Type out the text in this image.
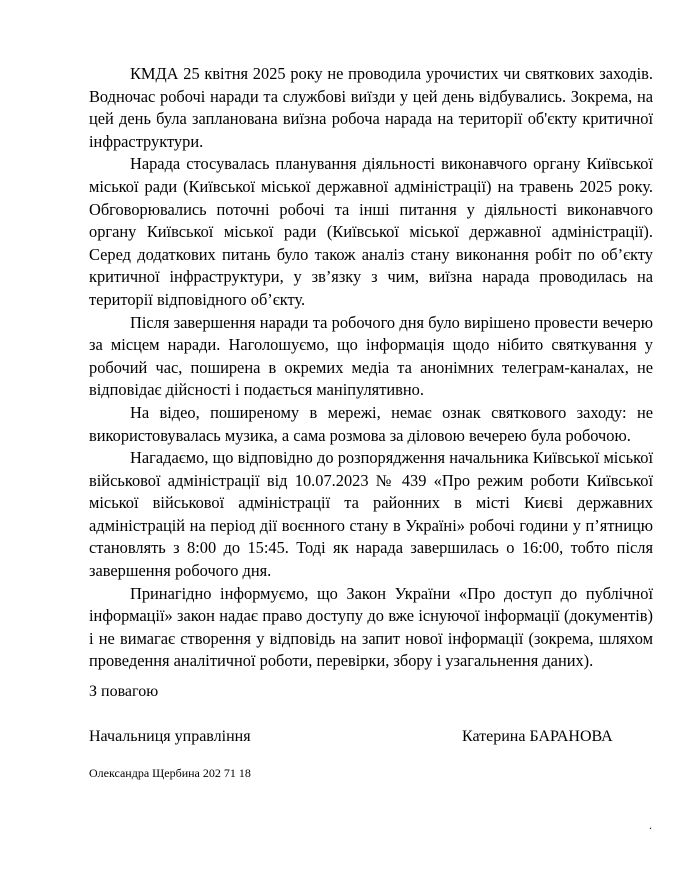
КМДА 25 квітня 2025 року не проводила урочистих чи святкових заходів. Водночас робочі наради та службові виїзди у цей день відбувались. Зокрема, на цей день була запланована виїзна робоча нарада на території об'єкту критичної інфраструктури.

Нарада стосувалась планування діяльності виконавчого органу Київської міської ради (Київської міської державної адміністрації) на травень 2025 року. Обговорювались поточні робочі та інші питання у діяльності виконавчого органу Київської міської ради (Київської міської державної адміністрації). Серед додаткових питань було також аналіз стану виконання робіт по об’єкту критичної інфраструктури, у зв’язку з чим, виїзна нарада проводилась на території відповідного об’єкту.

Після завершення наради та робочого дня було вирішено провести вечерю за місцем наради. Наголошуємо, що інформація щодо нібито святкування у робочий час, поширена в окремих медіа та анонімних телеграм-каналах, не відповідає дійсності і подається маніпулятивно.

На відео, поширеному в мережі, немає ознак святкового заходу: не використовувалась музика, а сама розмова за діловою вечерею була робочою.

Нагадаємо, що відповідно до розпорядження начальника Київської міської військової адміністрації від 10.07.2023 № 439 «Про режим роботи Київської міської військової адміністрації та районних в місті Києві державних адміністрацій на період дії воєнного стану в Україні» робочі години у п’ятницю становлять з 8:00 до 15:45. Тоді як нарада завершилась о 16:00, тобто після завершення робочого дня.

Принагідно інформуємо, що Закон України «Про доступ до публічної інформації» закон надає право доступу до вже існуючої інформації (документів) і не вимагає створення у відповідь на запит нової інформації (зокрема, шляхом проведення аналітичної роботи, перевірки, збору і узагальнення даних).

З повагою

Начальниця управління	Катерина БАРАНОВА

Олександра Щербина 202 71 18

.
